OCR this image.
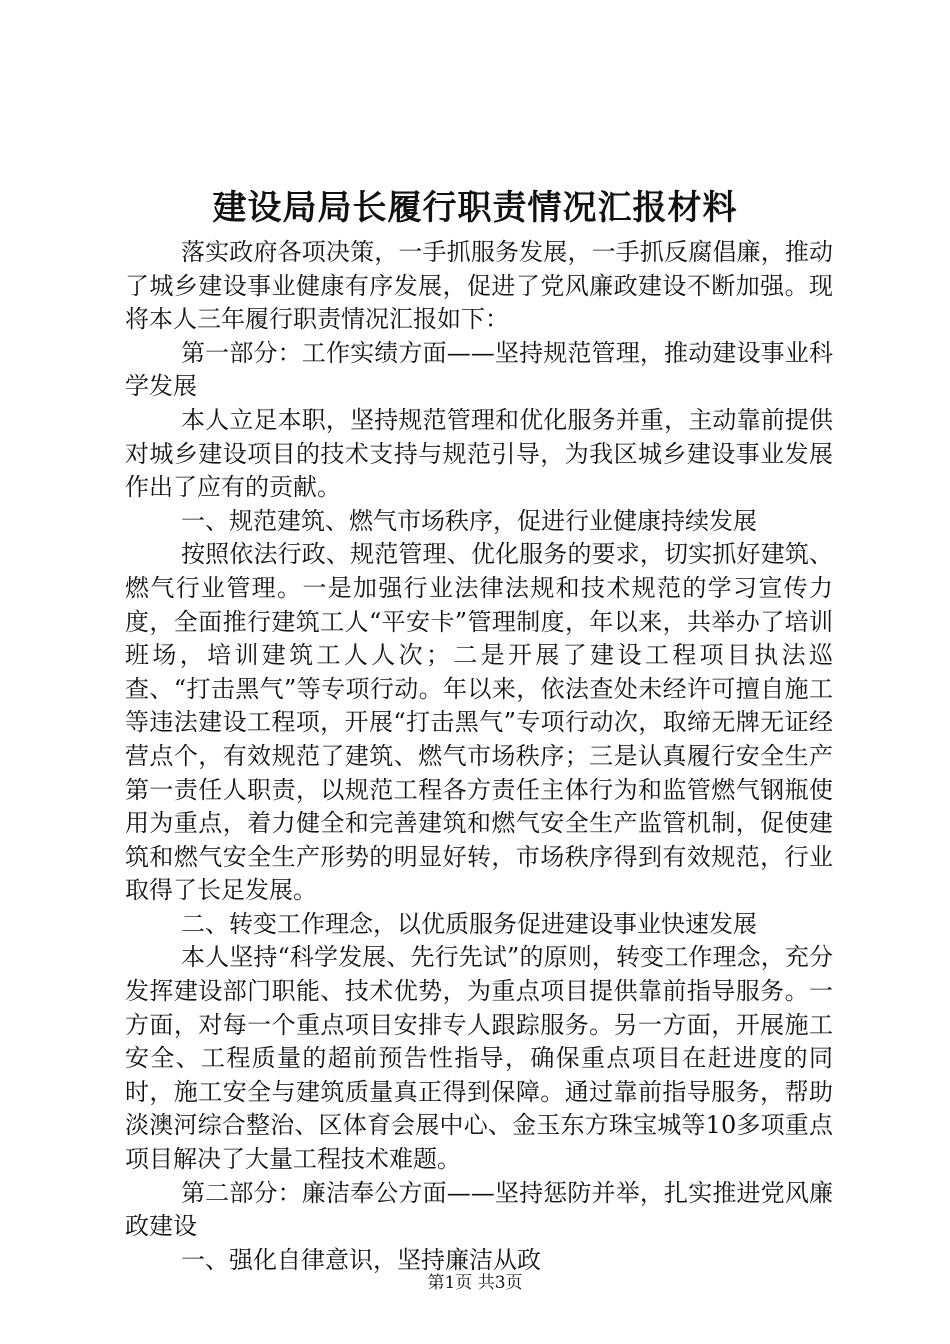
建设局局长履行职责情况汇报材料

落实政府各项决策，一手抓服务发展，一手抓反腐倡廉，推动了城乡建设事业健康有序发展，促进了党风廉政建设不断加强。现将本人三年履行职责情况汇报如下：

第一部分：工作实绩方面——坚持规范管理，推动建设事业科学发展

本人立足本职，坚持规范管理和优化服务并重，主动靠前提供对城乡建设项目的技术支持与规范引导，为我区城乡建设事业发展作出了应有的贡献。

一、规范建筑、燃气市场秩序，促进行业健康持续发展

按照依法行政、规范管理、优化服务的要求，切实抓好建筑、燃气行业管理。一是加强行业法律法规和技术规范的学习宣传力度，全面推行建筑工人“平安卡”管理制度，年以来，共举办了培训班场，培训建筑工人人次；二是开展了建设工程项目执法巡查、“打击黑气”等专项行动。年以来，依法查处未经许可擅自施工等违法建设工程项，开展“打击黑气”专项行动次，取缔无牌无证经营点个，有效规范了建筑、燃气市场秩序；三是认真履行安全生产第一责任人职责，以规范工程各方责任主体行为和监管燃气钢瓶使用为重点，着力健全和完善建筑和燃气安全生产监管机制，促使建筑和燃气安全生产形势的明显好转，市场秩序得到有效规范，行业取得了长足发展。

二、转变工作理念，以优质服务促进建设事业快速发展

本人坚持“科学发展、先行先试”的原则，转变工作理念，充分发挥建设部门职能、技术优势，为重点项目提供靠前指导服务。一方面，对每一个重点项目安排专人跟踪服务。另一方面，开展施工安全、工程质量的超前预告性指导，确保重点项目在赶进度的同时，施工安全与建筑质量真正得到保障。通过靠前指导服务，帮助淡澳河综合整治、区体育会展中心、金玉东方珠宝城等10多项重点项目解决了大量工程技术难题。

第二部分：廉洁奉公方面——坚持惩防并举，扎实推进党风廉政建设

一、强化自律意识，坚持廉洁从政

第1页 共3页
